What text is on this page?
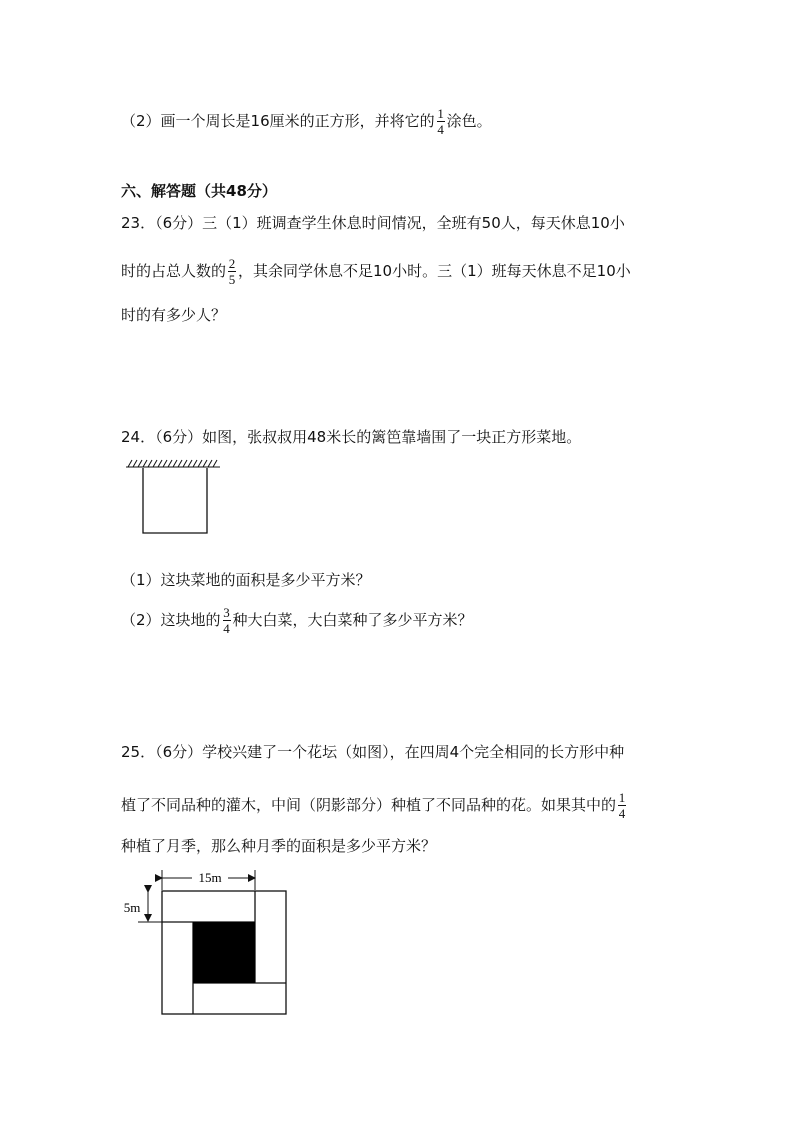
（2）画一个周长是16厘米的正方形，并将它的 $\frac{1}{4}$ 涂色。
六、解答题（共48分）
23．（6分）三（1）班调查学生休息时间情况，全班有50人，每天休息10小
时的占总人数的 $\frac{2}{5}$ ，其余同学休息不足10小时。三（1）班每天休息不足10小
时的有多少人？
24．（6分）如图，张叔叔用48米长的篱笆靠墙围了一块正方形菜地。
（1）这块菜地的面积是多少平方米？
（2）这块地的 $\frac{3}{4}$ 种大白菜，大白菜种了多少平方米？
25．（6分）学校兴建了一个花坛（如图），在四周4个完全相同的长方形中种
植了不同品种的灌木，中间（阴影部分）种植了不同品种的花。如果其中的 $\frac{1}{4}$
种植了月季，那么种月季的面积是多少平方米？
15m
5m
